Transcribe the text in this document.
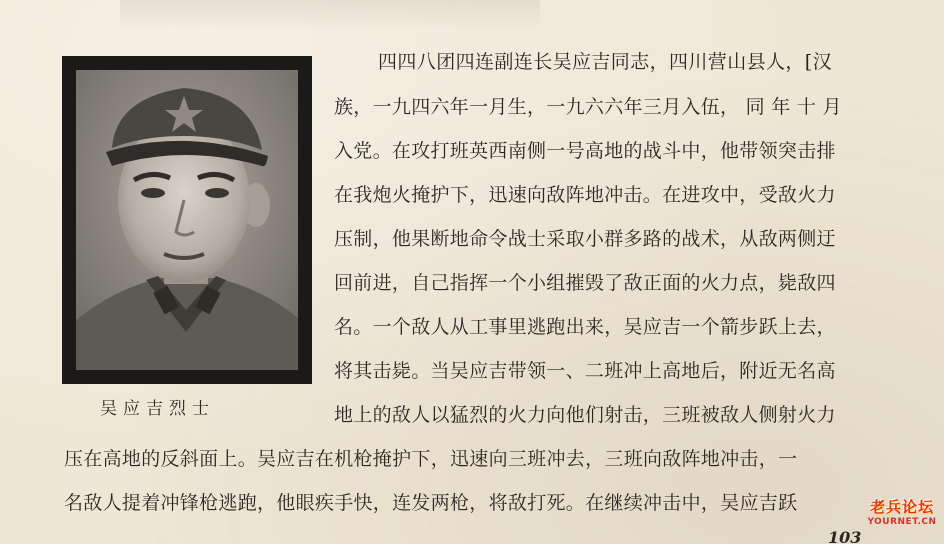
吴应吉烈士
四四八团四连副连长吴应吉同志，四川营山县人，[汉
族，一九四六年一月生，一九六六年三月入伍， 同 年 十 月
入党。在攻打班英西南侧一号高地的战斗中，他带领突击排
在我炮火掩护下，迅速向敌阵地冲击。在进攻中，受敌火力
压制，他果断地命令战士采取小群多路的战术，从敌两侧迂
回前进，自己指挥一个小组摧毁了敌正面的火力点，毙敌四
名。一个敌人从工事里逃跑出来，吴应吉一个箭步跃上去，
将其击毙。当吴应吉带领一、二班冲上高地后，附近无名高
地上的敌人以猛烈的火力向他们射击，三班被敌人侧射火力
压在高地的反斜面上。吴应吉在机枪掩护下，迅速向三班冲去，三班向敌阵地冲击，一
名敌人提着冲锋枪逃跑，他眼疾手快，连发两枪，将敌打死。在继续冲击中，吴应吉跃
103
老兵论坛
YOURNET.CN
